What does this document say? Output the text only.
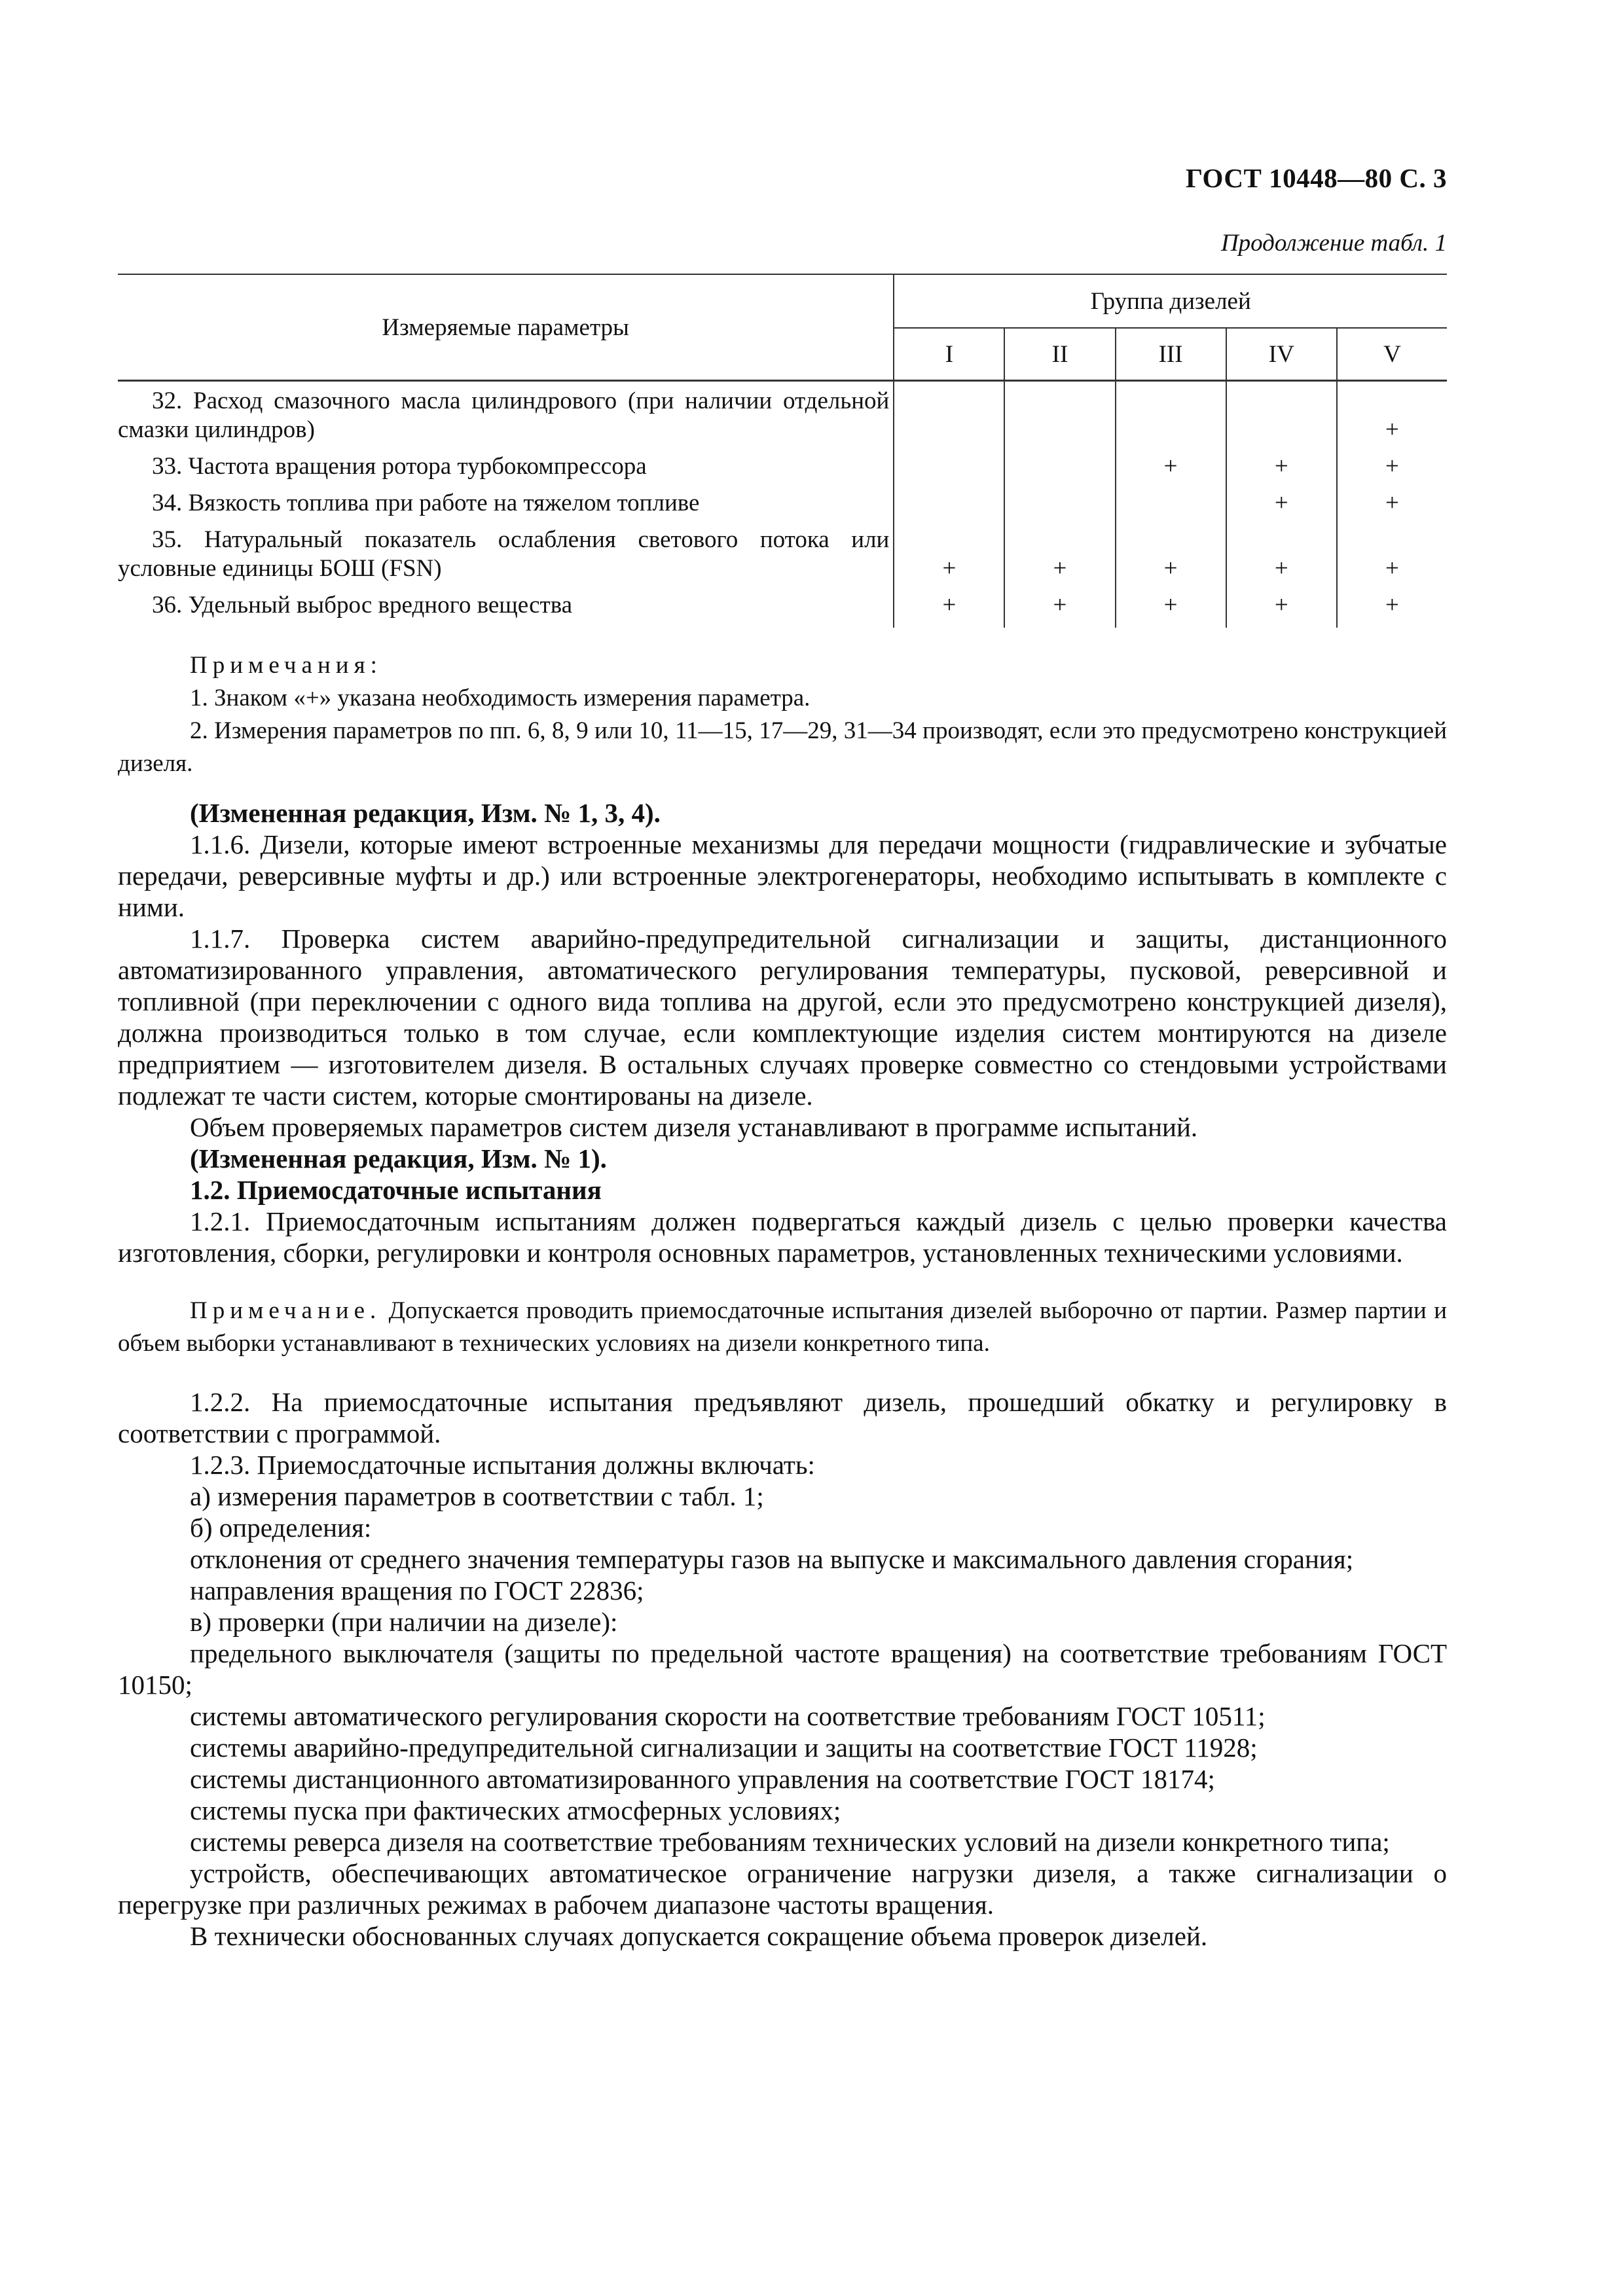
ГОСТ 10448—80 С. 3
Продолжение табл. 1
Измеряемые параметры	Группа дизелей				
	I	II	III	IV	V

32. Расход смазочного масла цилиндрового (при наличии отдельной смазки цилиндров)					+

33. Частота вращения ротора турбокомпрессора			+	+	+

34. Вязкость топлива при работе на тяжелом топливе				+	+

35. Натуральный показатель ослабления светового потока или условные единицы БОШ (FSN)	+	+	+	+	+

36. Удельный выброс вредного вещества	+	+	+	+	+
Примечания:
1. Знаком «+» указана необходимость измерения параметра.
2. Измерения параметров по пп. 6, 8, 9 или 10, 11—15, 17—29, 31—34 производят, если это предусмотрено конструкцией дизеля.

(Измененная редакция, Изм. № 1, 3, 4).

1.1.6. Дизели, которые имеют встроенные механизмы для передачи мощности (гидравлические и зубчатые передачи, реверсивные муфты и др.) или встроенные электрогенераторы, необходимо испытывать в комплекте с ними.

1.1.7. Проверка систем аварийно-предупредительной сигнализации и защиты, дистанционного автоматизированного управления, автоматического регулирования температуры, пусковой, реверсивной и топливной (при переключении с одного вида топлива на другой, если это предусмотрено конструкцией дизеля), должна производиться только в том случае, если комплектующие изделия систем монтируются на дизеле предприятием — изготовителем дизеля. В остальных случаях проверке совместно со стендовыми устройствами подлежат те части систем, которые смонтированы на дизеле.

Объем проверяемых параметров систем дизеля устанавливают в программе испытаний.

(Измененная редакция, Изм. № 1).

1.2. Приемосдаточные испытания

1.2.1. Приемосдаточным испытаниям должен подвергаться каждый дизель с целью проверки качества изготовления, сборки, регулировки и контроля основных параметров, установленных техническими условиями.

Примечание. Допускается проводить приемосдаточные испытания дизелей выборочно от партии. Размер партии и объем выборки устанавливают в технических условиях на дизели конкретного типа.

1.2.2. На приемосдаточные испытания предъявляют дизель, прошедший обкатку и регулировку в соответствии с программой.

1.2.3. Приемосдаточные испытания должны включать:

а) измерения параметров в соответствии с табл. 1;

б) определения:

отклонения от среднего значения температуры газов на выпуске и максимального давления сгорания;

направления вращения по ГОСТ 22836;

в) проверки (при наличии на дизеле):

предельного выключателя (защиты по предельной частоте вращения) на соответствие требованиям ГОСТ 10150;

системы автоматического регулирования скорости на соответствие требованиям ГОСТ 10511;

системы аварийно-предупредительной сигнализации и защиты на соответствие ГОСТ 11928;

системы дистанционного автоматизированного управления на соответствие ГОСТ 18174;

системы пуска при фактических атмосферных условиях;

системы реверса дизеля на соответствие требованиям технических условий на дизели конкретного типа;

устройств, обеспечивающих автоматическое ограничение нагрузки дизеля, а также сигнализации о перегрузке при различных режимах в рабочем диапазоне частоты вращения.

В технически обоснованных случаях допускается сокращение объема проверок дизелей.
